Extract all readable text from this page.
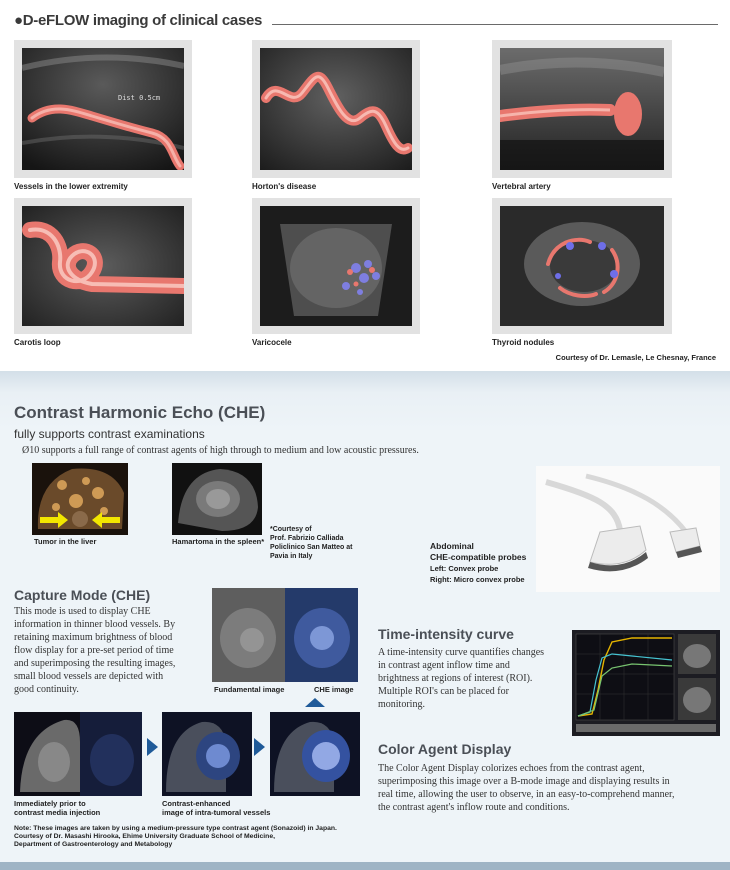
●D-eFLOW imaging of clinical cases
Dist 0.5cm
Vessels in the lower extremity	Horton's disease	Vertebral artery
Carotis loop	Varicocele	Thyroid nodules
Courtesy of Dr. Lemasle, Le Chesnay, France
Contrast Harmonic Echo (CHE)
fully supports contrast examinations
Ø10 supports a full range of contrast agents of high through to medium and low acoustic pressures.
Tumor in the liver	Hamartoma in the spleen*
*Courtesy of
Prof. Fabrizio Calliada
Policlinico San Matteo at
Pavia in Italy
Abdominal
CHE-compatible probes
Left: Convex probe
Right: Micro convex probe
Capture Mode (CHE)
This mode is used to display CHE
information in thinner blood vessels. By
retaining maximum brightness of blood
flow display for a pre-set period of time
and superimposing the resulting images,
small blood vessels are depicted with
good continuity.	Fundamental image	CHE image
Immediately prior to
contrast media injection
Contrast-enhanced
image of intra-tumoral vessels
Note: These images are taken by using a medium-pressure type contrast agent (Sonazoid) in Japan.
Courtesy of Dr. Masashi Hirooka, Ehime University Graduate School of Medicine,
Department of Gastroenterology and Metabology
Time-intensity curve
A time-intensity curve quantifies changes
in contrast agent inflow time and
brightness at regions of interest (ROI).
Multiple ROI's can be placed for
monitoring.
Color Agent Display
The Color Agent Display colorizes echoes from the contrast agent,
superimposing this image over a B-mode image and displaying results in
real time, allowing the user to observe, in an easy-to-comprehend manner,
the contrast agent's inflow route and conditions.
